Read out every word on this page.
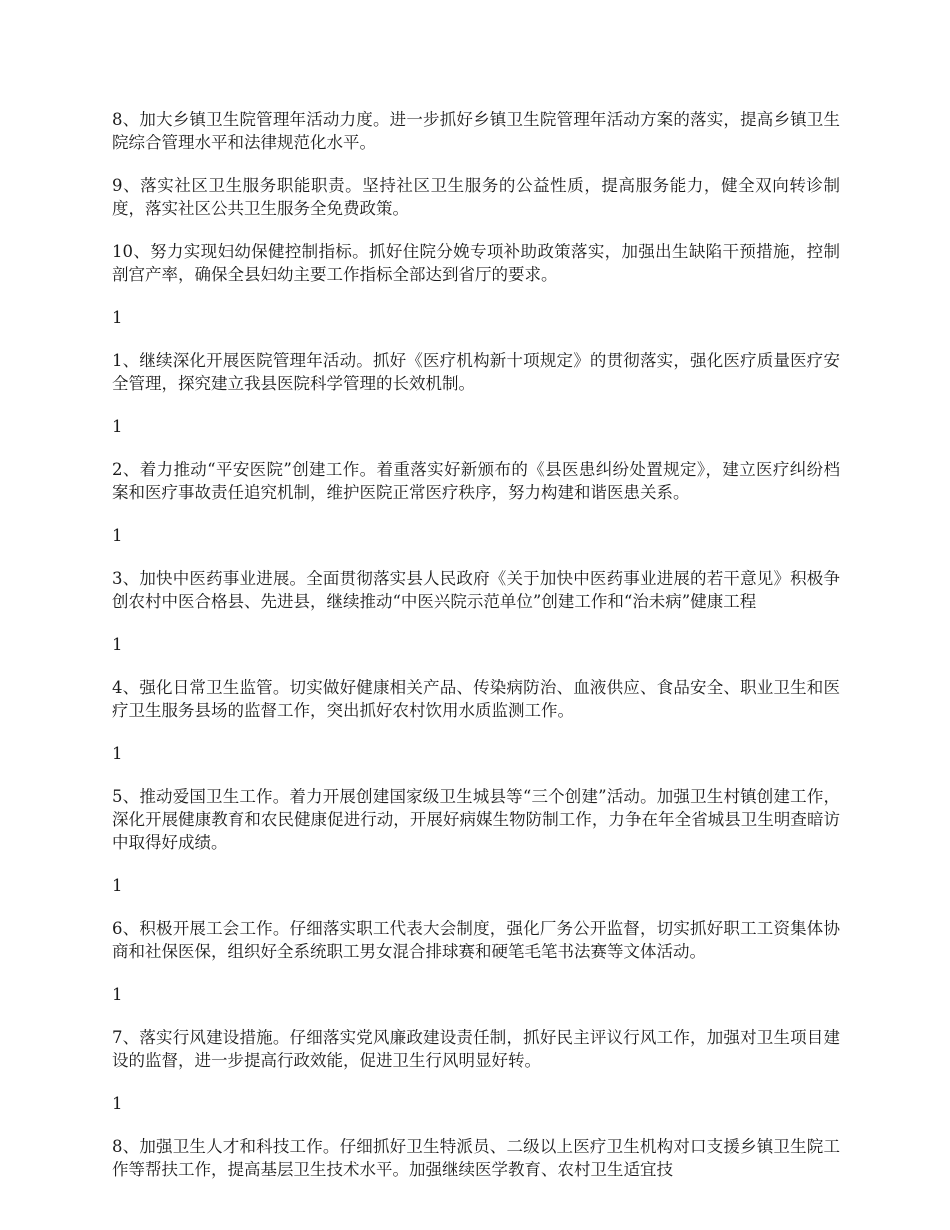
8、加大乡镇卫生院管理年活动力度。进一步抓好乡镇卫生院管理年活动方案的落实，提高乡镇卫生院综合管理水平和法律规范化水平。

9、落实社区卫生服务职能职责。坚持社区卫生服务的公益性质，提高服务能力，健全双向转诊制度，落实社区公共卫生服务全免费政策。

10、努力实现妇幼保健控制指标。抓好住院分娩专项补助政策落实，加强出生缺陷干预措施，控制剖宫产率，确保全县妇幼主要工作指标全部达到省厅的要求。

1

1、继续深化开展医院管理年活动。抓好《医疗机构新十项规定》的贯彻落实，强化医疗质量医疗安全管理，探究建立我县医院科学管理的长效机制。

1

2、着力推动“平安医院”创建工作。着重落实好新颁布的《县医患纠纷处置规定》，建立医疗纠纷档案和医疗事故责任追究机制，维护医院正常医疗秩序，努力构建和谐医患关系。

1

3、加快中医药事业进展。全面贯彻落实县人民政府《关于加快中医药事业进展的若干意见》积极争创农村中医合格县、先进县，继续推动“中医兴院示范单位”创建工作和“治未病”健康工程

1

4、强化日常卫生监管。切实做好健康相关产品、传染病防治、血液供应、食品安全、职业卫生和医疗卫生服务县场的监督工作，突出抓好农村饮用水质监测工作。

1

5、推动爱国卫生工作。着力开展创建国家级卫生城县等“三个创建”活动。加强卫生村镇创建工作，深化开展健康教育和农民健康促进行动，开展好病媒生物防制工作，力争在年全省城县卫生明查暗访中取得好成绩。

1

6、积极开展工会工作。仔细落实职工代表大会制度，强化厂务公开监督，切实抓好职工工资集体协商和社保医保，组织好全系统职工男女混合排球赛和硬笔毛笔书法赛等文体活动。

1

7、落实行风建设措施。仔细落实党风廉政建设责任制，抓好民主评议行风工作，加强对卫生项目建设的监督，进一步提高行政效能，促进卫生行风明显好转。

1

8、加强卫生人才和科技工作。仔细抓好卫生特派员、二级以上医疗卫生机构对口支援乡镇卫生院工作等帮扶工作，提高基层卫生技术水平。加强继续医学教育、农村卫生适宜技
